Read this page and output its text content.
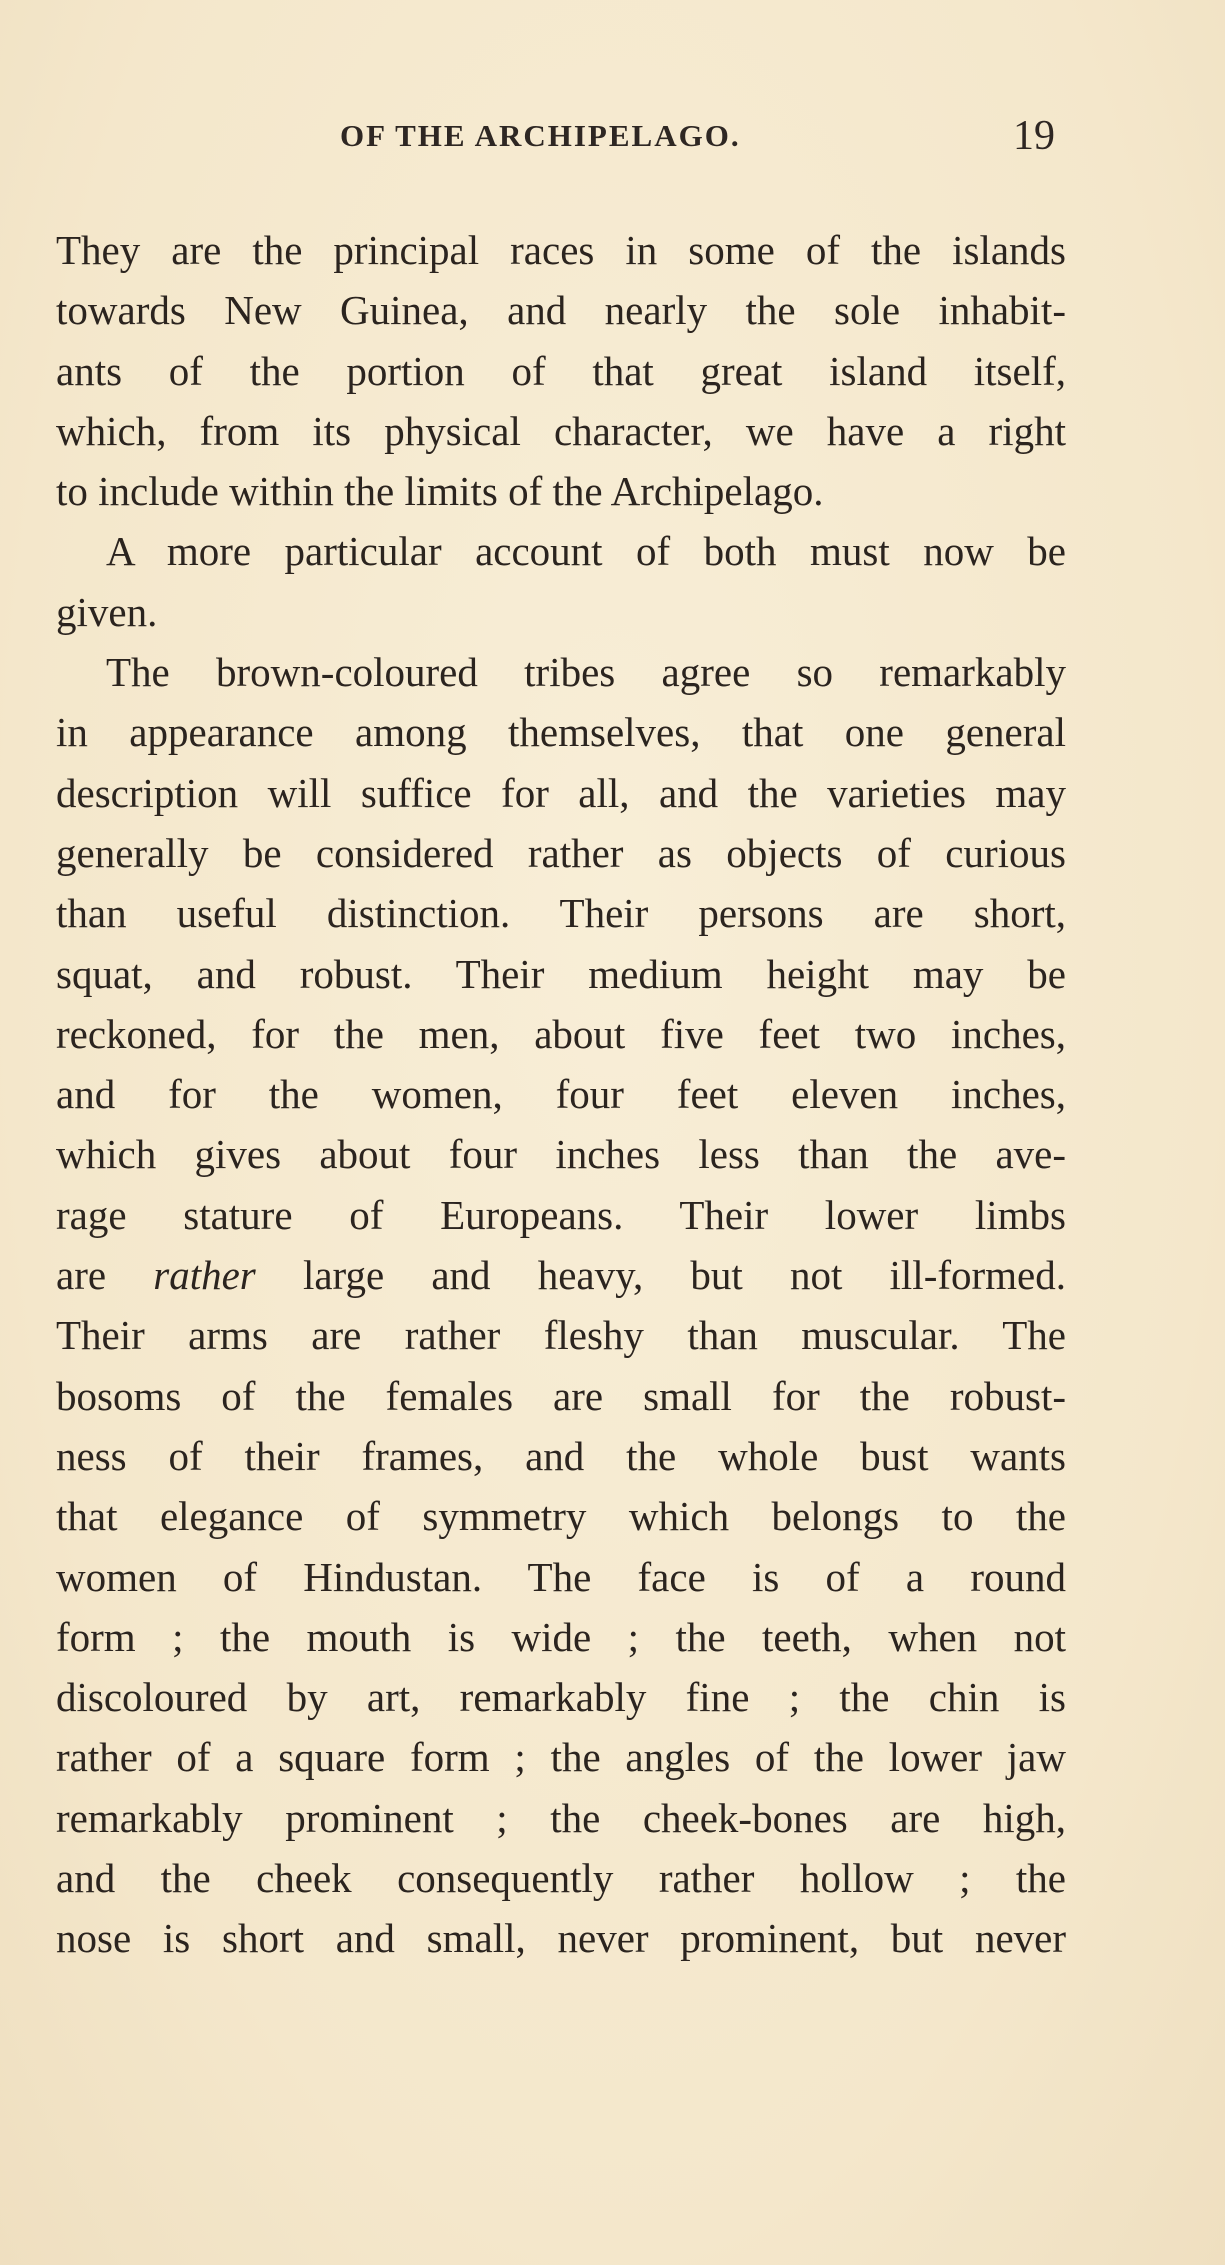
OF THE ARCHIPELAGO.	19
They are the principal races in some of the islands
towards New Guinea, and nearly the sole inhabit-
ants of the portion of that great island itself,
which, from its physical character, we have a right
to include within the limits of the Archipelago.
A more particular account of both must now be
given.
The brown-coloured tribes agree so remarkably
in appearance among themselves, that one general
description will suffice for all, and the varieties may
generally be considered rather as objects of curious
than useful distinction. Their persons are short,
squat, and robust. Their medium height may be
reckoned, for the men, about five feet two inches,
and for the women, four feet eleven inches,
which gives about four inches less than the ave-
rage stature of Europeans. Their lower limbs
are rather large and heavy, but not ill-formed.
Their arms are rather fleshy than muscular. The
bosoms of the females are small for the robust-
ness of their frames, and the whole bust wants
that elegance of symmetry which belongs to the
women of Hindustan. The face is of a round
form ; the mouth is wide ; the teeth, when not
discoloured by art, remarkably fine ; the chin is
rather of a square form ; the angles of the lower jaw
remarkably prominent ; the cheek-bones are high,
and the cheek consequently rather hollow ; the
nose is short and small, never prominent, but never
